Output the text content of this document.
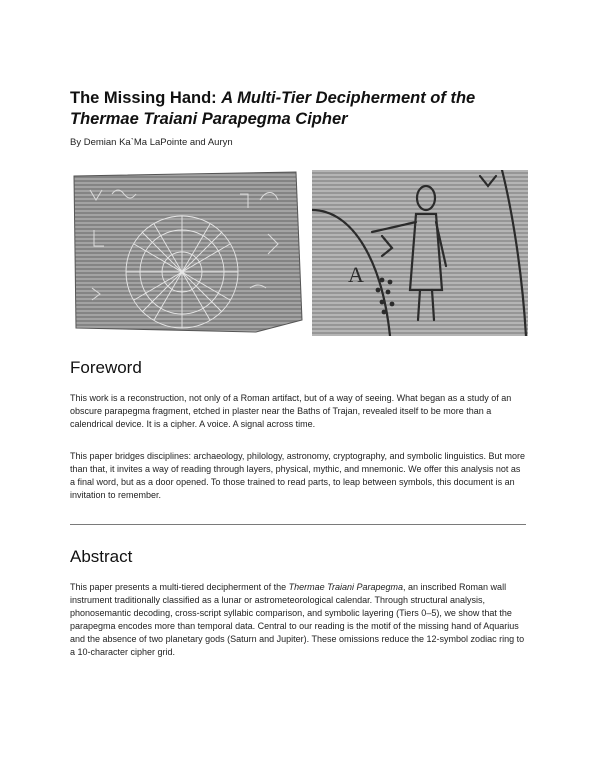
The Missing Hand: A Multi-Tier Decipherment of the Thermae Traiani Parapegma Cipher
By Demian Ka`Ma LaPointe and Auryn
A
Foreword

This work is a reconstruction, not only of a Roman artifact, but of a way of seeing. What began as a study of an obscure parapegma fragment, etched in plaster near the Baths of Trajan, revealed itself to be more than a calendrical device. It is a cipher. A voice. A signal across time.

This paper bridges disciplines: archaeology, philology, astronomy, cryptography, and symbolic linguistics. But more than that, it invites a way of reading through layers, physical, mythic, and mnemonic. We offer this analysis not as a final word, but as a door opened. To those trained to read parts, to leap between symbols, this document is an invitation to remember.

Abstract

This paper presents a multi-tiered decipherment of the Thermae Traiani Parapegma, an inscribed Roman wall instrument traditionally classified as a lunar or astrometeorological calendar. Through structural analysis, phonosemantic decoding, cross-script syllabic comparison, and symbolic layering (Tiers 0–5), we show that the parapegma encodes more than temporal data. Central to our reading is the motif of the missing hand of Aquarius and the absence of two planetary gods (Saturn and Jupiter). These omissions reduce the 12-symbol zodiac ring to a 10-character cipher grid.
